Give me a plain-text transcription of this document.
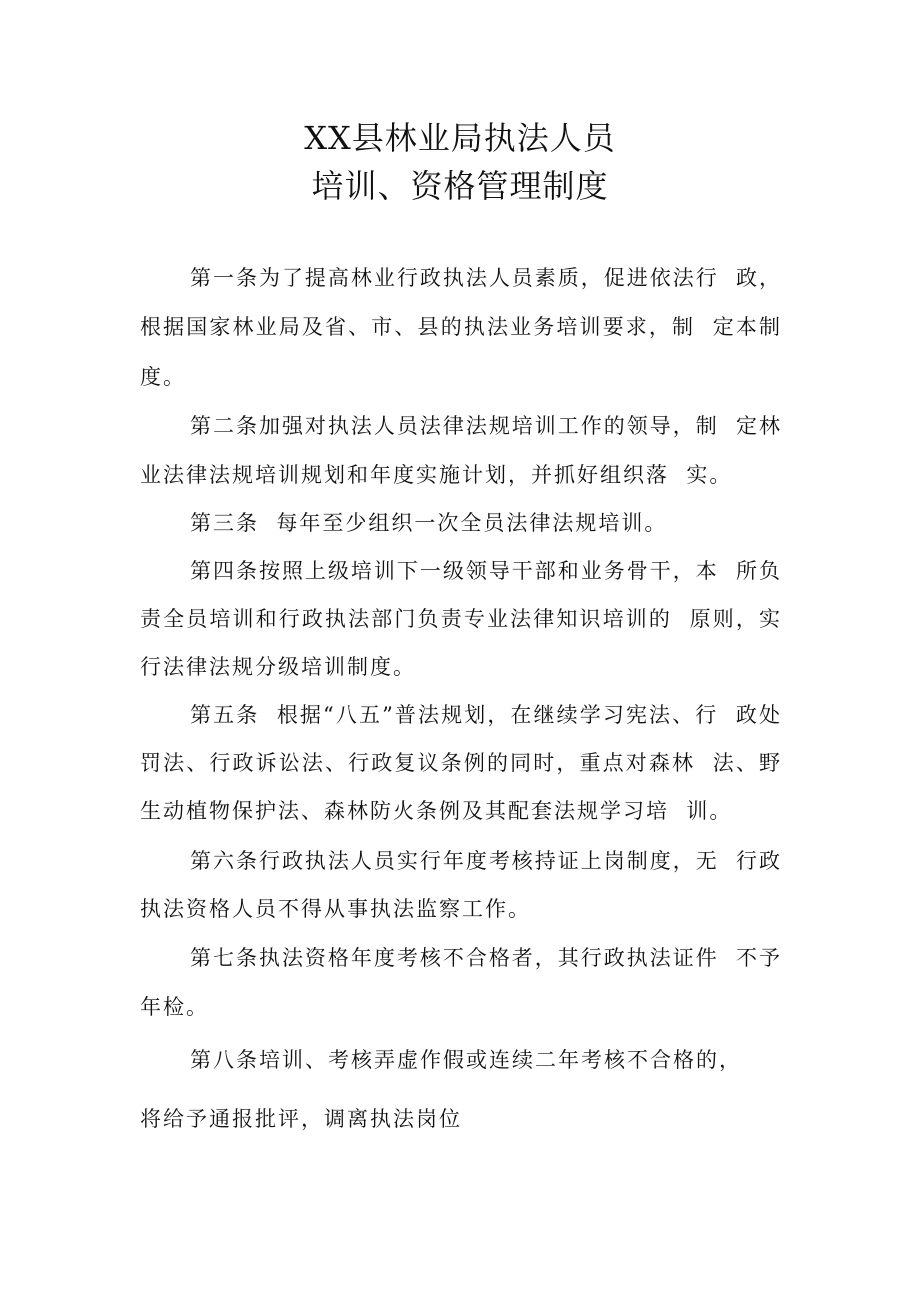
XX县林业局执法人员
培训、资格管理制度
第一条为了提高林业行政执法人员素质，促进依法行  政，
根据国家林业局及省、市、县的执法业务培训要求，制  定本制
度。
第二条加强对执法人员法律法规培训工作的领导，制  定林
业法律法规培训规划和年度实施计划，并抓好组织落  实。
第三条  每年至少组织一次全员法律法规培训。
第四条按照上级培训下一级领导干部和业务骨干，本  所负
责全员培训和行政执法部门负责专业法律知识培训的  原则，实
行法律法规分级培训制度。
第五条  根据“八五”普法规划，在继续学习宪法、行  政处
罚法、行政诉讼法、行政复议条例的同时，重点对森林  法、野
生动植物保护法、森林防火条例及其配套法规学习培  训。
第六条行政执法人员实行年度考核持证上岗制度，无  行政
执法资格人员不得从事执法监察工作。
第七条执法资格年度考核不合格者，其行政执法证件  不予
年检。
第八条培训、考核弄虚作假或连续二年考核不合格的，
将给予通报批评，调离执法岗位
